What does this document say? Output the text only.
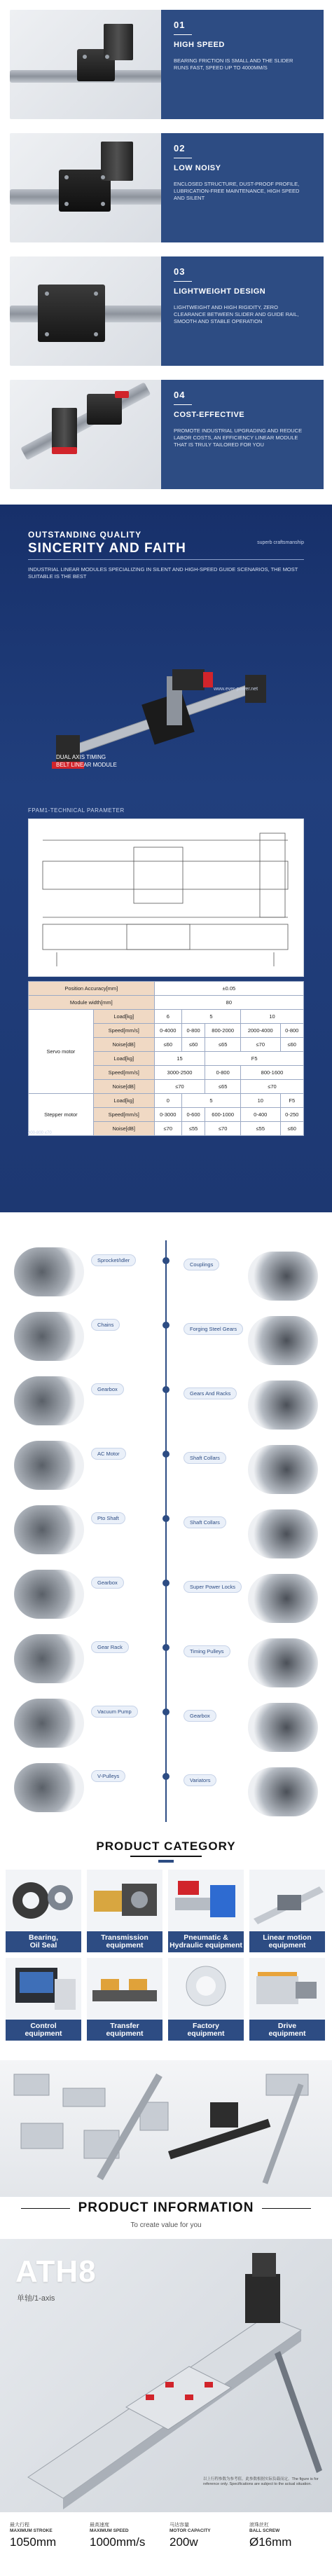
01
HIGH SPEED
BEARING FRICTION IS SMALL AND THE SLIDER RUNS FAST, SPEED UP TO 4000MM/S
02
LOW NOISY
ENCLOSED STRUCTURE, DUST-PROOF PROFILE, LUBRICATION-FREE MAINTENANCE, HIGH SPEED AND SILENT
03
LIGHTWEIGHT DESIGN
LIGHTWEIGHT AND HIGH RIGIDITY, ZERO CLEARANCE BETWEEN SLIDER AND GUIDE RAIL, SMOOTH AND STABLE OPERATION
04
COST-EFFECTIVE
PROMOTE INDUSTRIAL UPGRADING AND REDUCE LABOR COSTS, AN EFFICIENCY LINEAR MODULE THAT IS TRULY TAILORED FOR YOU
OUTSTANDING QUALITY
SINCERITY AND FAITH	superb craftsmanship
INDUSTRIAL LINEAR MODULES SPECIALIZING IN SILENT AND HIGH-SPEED GUIDE SCENARIOS, THE MOST SUITABLE IS THE BEST
www.ever-power.net
DUAL AXIS TIMING
BELT LINEAR MODULE
FPAM1-TECHNICAL PARAMETER
Position Accuracy[mm]		±0.05				
Module width[mm]		80				
Servo motor	Load[kg]	6	5		10	
	Speed[mm/s]	0-4000	0-800	800-2000	2000-4000	0-800
	Noise[dB]	≤60	≤60	≤65	≤70	≤60
	Load[kg]	15		F5		
	Speed[mm/s]	3000-2500		0-800	800-1600	
	Noise[dB]	≤70		≤65	≤70	
Stepper motor	Load[kg]	0	5		10	F5
	Speed[mm/s]	0-3000	0-600	600-1000	0-400	0-250
	Noise[dB]	≤70	≤55	≤70	≤55	≤60
400-800 ≤70
Sprocket/Idler
Chains
Gearbox
AC Motor
Pto Shaft
Gearbox
Gear Rack
Vacuum Pump
V-Pulleys
Couplings
Forging Steel Gears
Gears And Racks
Shaft Collars
Shaft Collars
Super Power Locks
Timing Pulleys
Gearbox
Variators
PRODUCT CATEGORY
Bearing,
Oil Seal
Transmission
equipment
Pneumatic &
Hydraulic equipment
Linear motion
equipment
Control
equipment
Transfer
equipment
Factory
equipment
Drive
equipment
PRODUCT INFORMATION
To create value for you
ATH8
单轴/1-axis
以上行程参数为参考值。此参数根据实际负载而定。The figure is for reference only. Specifications are subject to the actual situation.
最大行程
MAXIMUM STROKE
1050mm
最高速度
MAXIMUM SPEED
1000mm/s
马达容量
MOTOR CAPACITY
200w
滚珠丝杠
BALL SCREW
Ø16mm
